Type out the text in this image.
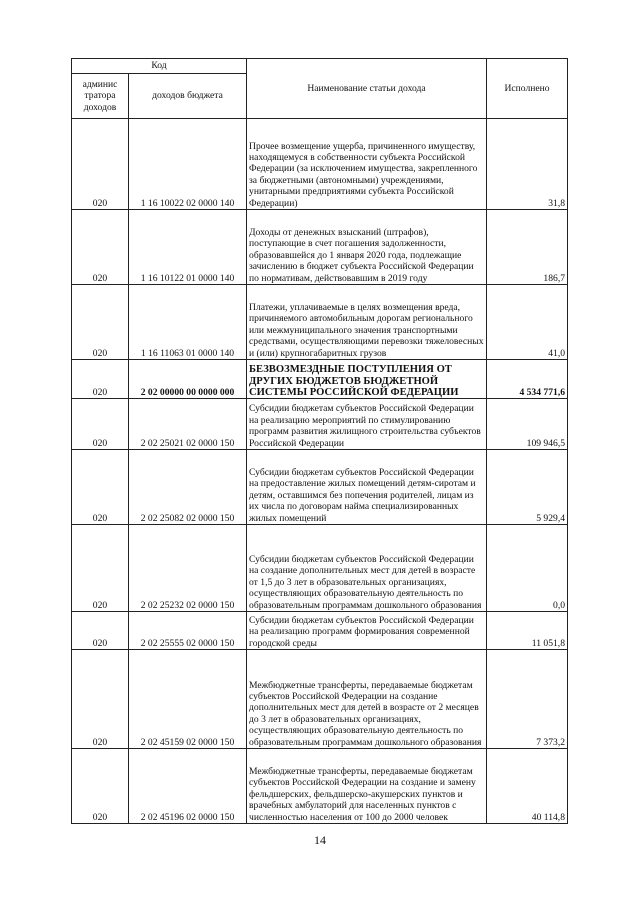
Код		Наименование статьи дохода	Исполнено
админис тратора доходов	доходов бюджета		
020	1 16 10022 02 0000 140	Прочее возмещение ущерба, причиненного имуществу, находящемуся в собственности субъекта Российской Федерации (за исключением имущества, закрепленного за бюджетными (автономными) учреждениями, унитарными предприятиями субъекта Российской Федерации)	31,8
020	1 16 10122 01 0000 140	Доходы от денежных взысканий (штрафов), поступающие в счет погашения задолженности, образовавшейся до 1 января 2020 года, подлежащие зачислению в бюджет субъекта Российской Федерации по нормативам, действовавшим в 2019 году	186,7
020	1 16 11063 01 0000 140	Платежи, уплачиваемые в целях возмещения вреда, причиняемого автомобильным дорогам регионального или межмуниципального значения транспортными средствами, осуществляющими перевозки тяжеловесных и (или) крупногабаритных грузов	41,0
020	2 02 00000 00 0000 000	БЕЗВОЗМЕЗДНЫЕ ПОСТУПЛЕНИЯ ОТ ДРУГИХ БЮДЖЕТОВ БЮДЖЕТНОЙ СИСТЕМЫ РОССИЙСКОЙ ФЕДЕРАЦИИ	4 534 771,6
020	2 02 25021 02 0000 150	Субсидии бюджетам субъектов Российской Федерации на реализацию мероприятий по стимулированию программ развития жилищного строительства субъектов Российской Федерации	109 946,5
020	2 02 25082 02 0000 150	Субсидии бюджетам субъектов Российской Федерации на предоставление жилых помещений детям-сиротам и детям, оставшимся без попечения родителей, лицам из их числа по договорам найма специализированных жилых помещений	5 929,4
020	2 02 25232 02 0000 150	Субсидии бюджетам субъектов Российской Федерации на создание дополнительных мест для детей в возрасте от 1,5 до 3 лет в образовательных организациях, осуществляющих образовательную деятельность по образовательным программам дошкольного образования	0,0
020	2 02 25555 02 0000 150	Субсидии бюджетам субъектов Российской Федерации на реализацию программ формирования современной городской среды	11 051,8
020	2 02 45159 02 0000 150	Межбюджетные трансферты, передаваемые бюджетам субъектов Российской Федерации на создание дополнительных мест для детей в возрасте от 2 месяцев до 3 лет в образовательных организациях, осуществляющих образовательную деятельность по образовательным программам дошкольного образования	7 373,2
020	2 02 45196 02 0000 150	Межбюджетные трансферты, передаваемые бюджетам субъектов Российской Федерации на создание и замену фельдшерских, фельдшерско-акушерских пунктов и врачебных амбулаторий для населенных пунктов с численностью населения от 100 до 2000 человек	40 114,8
14
